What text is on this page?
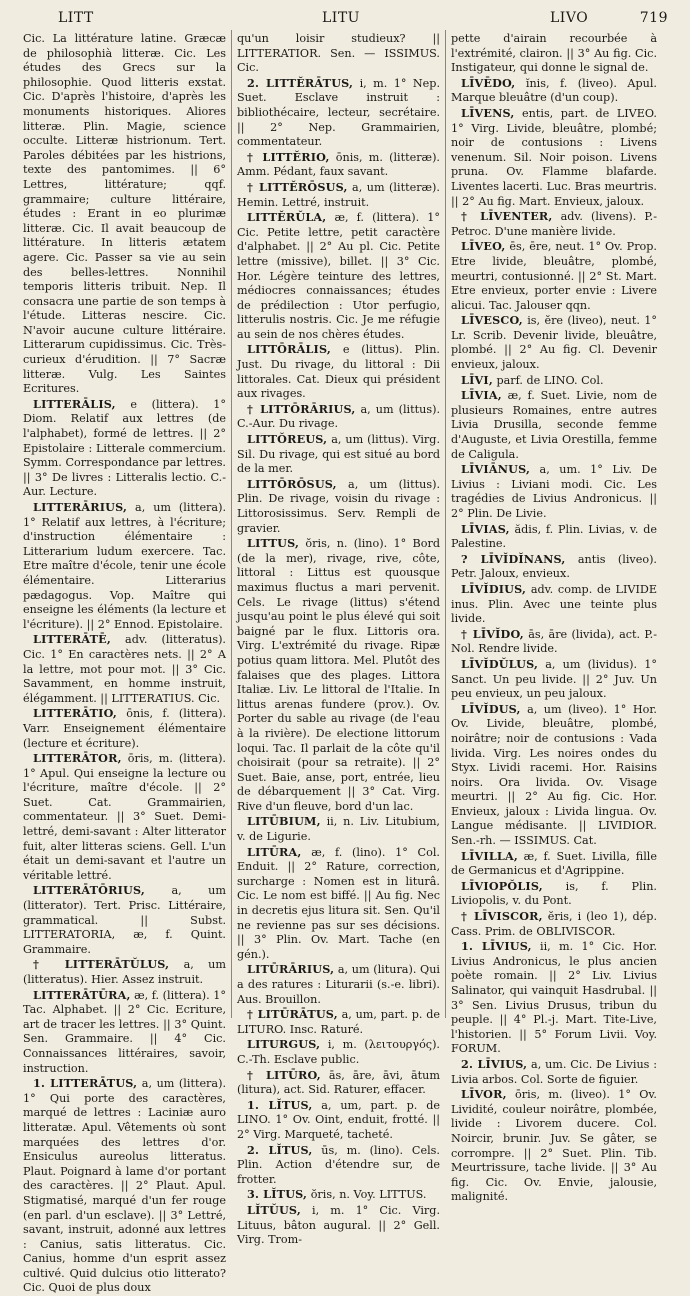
LITT	LITU	LIVO	719
Cic. La littérature latine. Græcæ de philosophià litteræ. Cic. Les études des Grecs sur la philosophie. Quod litteris exstat. Cic. D'après l'histoire, d'après les monuments historiques. Aliores litteræ. Plin. Magie, science occulte. Litteræ histrionum. Tert. Paroles débitées par les histrions, texte des pantomimes. || 6° Lettres, littérature; qqf. grammaire; culture littéraire, études : Erant in eo plurimæ litteræ. Cic. Il avait beaucoup de littérature. In litteris ætatem agere. Cic. Passer sa vie au sein des belles-lettres. Nonnihil temporis litteris tribuit. Nep. Il consacra une partie de son temps à l'étude. Litteras nescire. Cic. N'avoir aucune culture littéraire. Litterarum cupidissimus. Cic. Très-curieux d'érudition. || 7° Sacræ litteræ. Vulg. Les Saintes Ecritures.
LITTERĀLIS, e (littera). 1° Diom. Relatif aux lettres (de l'alphabet), formé de lettres. || 2° Epistolaire : Litterale commercium. Symm. Correspondance par lettres. || 3° De livres : Litteralis lectio. C.-Aur. Lecture.
LITTERĀRIUS, a, um (littera). 1° Relatif aux lettres, à l'écriture; d'instruction élémentaire : Litterarium ludum exercere. Tac. Etre maître d'école, tenir une école élémentaire. Litterarius pædagogus. Vop. Maître qui enseigne les éléments (la lecture et l'écriture). || 2° Ennod. Epistolaire.
LITTERĀTĒ, adv. (litteratus). Cic. 1° En caractères nets. || 2° A la lettre, mot pour mot. || 3° Cic. Savamment, en homme instruit, élégamment. || LITTERATIUS. Cic.
LITTERĀTIO, ōnis, f. (littera). Varr. Enseignement élémentaire (lecture et écriture).
LITTERĀTOR, ōris, m. (littera). 1° Apul. Qui enseigne la lecture ou l'écriture, maître d'école. || 2° Suet. Cat. Grammairien, commentateur. || 3° Suet. Demi-lettré, demi-savant : Alter litterator fuit, alter litteras sciens. Gell. L'un était un demi-savant et l'autre un véritable lettré.
LITTERĀTŌRIUS, a, um (litterator). Tert. Prisc. Littéraire, grammatical. || Subst. LITTERATORIA, æ, f. Quint. Grammaire.
† LITTERĀTŬLUS, a, um (litteratus). Hier. Assez instruit.
LITTERĀTŪRA, æ, f. (littera). 1° Tac. Alphabet. || 2° Cic. Ecriture, art de tracer les lettres. || 3° Quint. Sen. Grammaire. || 4° Cic. Connaissances littéraires, savoir, instruction.
1. LITTERĀTUS, a, um (littera). 1° Qui porte des caractères, marqué de lettres : Laciniæ auro litteratæ. Apul. Vêtements où sont marquées des lettres d'or. Ensiculus aureolus litteratus. Plaut. Poignard à lame d'or portant des caractères. || 2° Plaut. Apul. Stigmatisé, marqué d'un fer rouge (en parl. d'un esclave). || 3° Lettré, savant, instruit, adonné aux lettres : Canius, satis litteratus. Cic. Canius, homme d'un esprit assez cultivé. Quid dulcius otio litterato? Cic. Quoi de plus doux
qu'un loisir studieux? || LITTERATIOR. Sen. — ISSIMUS. Cic.
2. LITTĔRĀTUS, i, m. 1° Nep. Suet. Esclave instruit : bibliothécaire, lecteur, secrétaire. || 2° Nep. Grammairien, commentateur.
† LITTĔRIO, ōnis, m. (litteræ). Amm. Pédant, faux savant.
† LITTĔRŌSUS, a, um (litteræ). Hemin. Lettré, instruit.
LITTĔRŬLA, æ, f. (littera). 1° Cic. Petite lettre, petit caractère d'alphabet. || 2° Au pl. Cic. Petite lettre (missive), billet. || 3° Cic. Hor. Légère teinture des lettres, médiocres connaissances; études de prédilection : Utor perfugio, litterulis nostris. Cic. Je me réfugie au sein de nos chères études.
LITTŌRĀLIS, e (littus). Plin. Just. Du rivage, du littoral : Dii littorales. Cat. Dieux qui président aux rivages.
† LITTŌRĀRIUS, a, um (littus). C.-Aur. Du rivage.
LITTŎREUS, a, um (littus). Virg. Sil. Du rivage, qui est situé au bord de la mer.
LITTŌRŌSUS, a, um (littus). Plin. De rivage, voisin du rivage : Littorosissimus. Serv. Rempli de gravier.
LITTUS, ŏris, n. (lino). 1° Bord (de la mer), rivage, rive, côte, littoral : Littus est quousque maximus fluctus a mari pervenit. Cels. Le rivage (littus) s'étend jusqu'au point le plus élevé qui soit baigné par le flux. Littoris ora. Virg. L'extrémité du rivage. Ripæ potius quam littora. Mel. Plutôt des falaises que des plages. Littora Italiæ. Liv. Le littoral de l'Italie. In littus arenas fundere (prov.). Ov. Porter du sable au rivage (de l'eau à la rivière). De electione littorum loqui. Tac. Il parlait de la côte qu'il choisirait (pour sa retraite). || 2° Suet. Baie, anse, port, entrée, lieu de débarquement || 3° Cat. Virg. Rive d'un fleuve, bord d'un lac.
LITŪBIUM, ii, n. Liv. Litubium, v. de Ligurie.
LITŪRA, æ, f. (lino). 1° Col. Enduit. || 2° Rature, correction, surcharge : Nomen est in liturâ. Cic. Le nom est biffé. || Au fig. Nec in decretis ejus litura sit. Sen. Qu'il ne revienne pas sur ses décisions. || 3° Plin. Ov. Mart. Tache (en gén.).
LITŪRĀRIUS, a, um (litura). Qui a des ratures : Liturarii (s.-e. libri). Aus. Brouillon.
† LITŪRĀTUS, a, um, part. p. de LITURO. Insc. Raturé.
LITURGUS, i, m. (λειτουργός). C.-Th. Esclave public.
† LITŪRO, ās, āre, āvi, ātum (litura), act. Sid. Raturer, effacer.
1. LĬTUS, a, um, part. p. de LINO. 1° Ov. Oint, enduit, frotté. || 2° Virg. Marqueté, tacheté.
2. LĬTUS, ūs, m. (lino). Cels. Plin. Action d'étendre sur, de frotter.
3. LĬTUS, ŏris, n. Voy. LITTUS.
LĬTŬUS, i, m. 1° Cic. Virg. Lituus, bâton augural. || 2° Gell. Virg. Trom-
pette d'airain recourbée à l'extrémité, clairon. || 3° Au fig. Cic. Instigateur, qui donne le signal de.
LĪVĒDO, ĭnis, f. (liveo). Apul. Marque bleuâtre (d'un coup).
LĪVENS, entis, part. de LIVEO. 1° Virg. Livide, bleuâtre, plombé; noir de contusions : Livens venenum. Sil. Noir poison. Livens pruna. Ov. Flamme blafarde. Liventes lacerti. Luc. Bras meurtris. || 2° Au fig. Mart. Envieux, jaloux.
† LĪVENTER, adv. (livens). P.-Petroc. D'une manière livide.
LĪVEO, ēs, ēre, neut. 1° Ov. Prop. Etre livide, bleuâtre, plombé, meurtri, contusionné. || 2° St. Mart. Etre envieux, porter envie : Livere alicui. Tac. Jalouser qqn.
LĪVESCO, is, ĕre (liveo), neut. 1° Lr. Scrib. Devenir livide, bleuâtre, plombé. || 2° Au fig. Cl. Devenir envieux, jaloux.
LĪVI, parf. de LINO. Col.
LĪVIA, æ, f. Suet. Livie, nom de plusieurs Romaines, entre autres Livia Drusilla, seconde femme d'Auguste, et Livia Orestilla, femme de Caligula.
LĪVIĀNUS, a, um. 1° Liv. De Livius : Liviani modi. Cic. Les tragédies de Livius Andronicus. || 2° Plin. De Livie.
LĪVIAS, ădis, f. Plin. Livias, v. de Palestine.
? LĪVĬDĬNANS, antis (liveo). Petr. Jaloux, envieux.
LĪVĬDIUS, adv. comp. de LIVIDE inus. Plin. Avec une teinte plus livide.
† LĪVĬDO, ās, āre (livida), act. P.-Nol. Rendre livide.
LĪVĬDŬLUS, a, um (lividus). 1° Sanct. Un peu livide. || 2° Juv. Un peu envieux, un peu jaloux.
LĪVĬDUS, a, um (liveo). 1° Hor. Ov. Livide, bleuâtre, plombé, noirâtre; noir de contusions : Vada livida. Virg. Les noires ondes du Styx. Lividi racemi. Hor. Raisins noirs. Ora livida. Ov. Visage meurtri. || 2° Au fig. Cic. Hor. Envieux, jaloux : Livida lingua. Ov. Langue médisante. || LIVIDIOR. Sen.-rh. — ISSIMUS. Cat.
LĪVILLA, æ, f. Suet. Livilla, fille de Germanicus et d'Agrippine.
LĪVIOPŎLIS, is, f. Plin. Liviopolis, v. du Pont.
† LĪVISCOR, ĕris, i (leo 1), dép. Cass. Prim. de OBLIVISCOR.
1. LĪVIUS, ii, m. 1° Cic. Hor. Livius Andronicus, le plus ancien poète romain. || 2° Liv. Livius Salinator, qui vainquit Hasdrubal. || 3° Sen. Livius Drusus, tribun du peuple. || 4° Pl.-j. Mart. Tite-Live, l'historien. || 5° Forum Livii. Voy. FORUM.
2. LĪVIUS, a, um. Cic. De Livius : Livia arbos. Col. Sorte de figuier.
LĪVOR, ōris, m. (liveo). 1° Ov. Lividité, couleur noirâtre, plombée, livide : Livorem ducere. Col. Noircir, brunir. Juv. Se gâter, se corrompre. || 2° Suet. Plin. Tib. Meurtrissure, tache livide. || 3° Au fig. Cic. Ov. Envie, jalousie, malignité.
